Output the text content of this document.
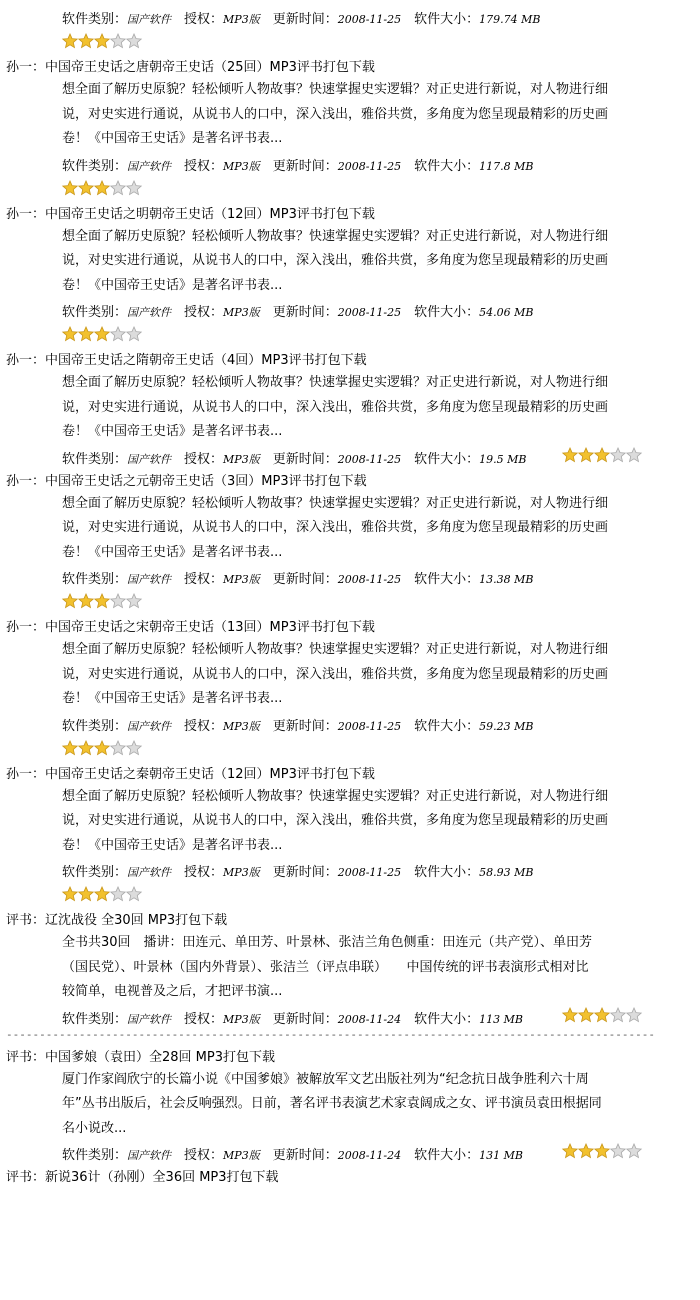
软件类别：国产软件   授权：MP3版   更新时间：2008-11-25   软件大小：179.74 MB
孙一：中国帝王史话之唐朝帝王史话（25回）MP3评书打包下载
想全面了解历史原貌？轻松倾听人物故事？快速掌握史实逻辑？对正史进行新说，对人物进行细
说，对史实进行通说，从说书人的口中，深入浅出，雅俗共赏，多角度为您呈现最精彩的历史画
卷！《中国帝王史话》是著名评书表...
软件类别：国产软件   授权：MP3版   更新时间：2008-11-25   软件大小：117.8 MB
孙一：中国帝王史话之明朝帝王史话（12回）MP3评书打包下载
想全面了解历史原貌？轻松倾听人物故事？快速掌握史实逻辑？对正史进行新说，对人物进行细
说，对史实进行通说，从说书人的口中，深入浅出，雅俗共赏，多角度为您呈现最精彩的历史画
卷！《中国帝王史话》是著名评书表...
软件类别：国产软件   授权：MP3版   更新时间：2008-11-25   软件大小：54.06 MB
孙一：中国帝王史话之隋朝帝王史话（4回）MP3评书打包下载
想全面了解历史原貌？轻松倾听人物故事？快速掌握史实逻辑？对正史进行新说，对人物进行细
说，对史实进行通说，从说书人的口中，深入浅出，雅俗共赏，多角度为您呈现最精彩的历史画
卷！《中国帝王史话》是著名评书表...
软件类别：国产软件   授权：MP3版   更新时间：2008-11-25   软件大小：19.5 MB
孙一：中国帝王史话之元朝帝王史话（3回）MP3评书打包下载
想全面了解历史原貌？轻松倾听人物故事？快速掌握史实逻辑？对正史进行新说，对人物进行细
说，对史实进行通说，从说书人的口中，深入浅出，雅俗共赏，多角度为您呈现最精彩的历史画
卷！《中国帝王史话》是著名评书表...
软件类别：国产软件   授权：MP3版   更新时间：2008-11-25   软件大小：13.38 MB
孙一：中国帝王史话之宋朝帝王史话（13回）MP3评书打包下载
想全面了解历史原貌？轻松倾听人物故事？快速掌握史实逻辑？对正史进行新说，对人物进行细
说，对史实进行通说，从说书人的口中，深入浅出，雅俗共赏，多角度为您呈现最精彩的历史画
卷！《中国帝王史话》是著名评书表...
软件类别：国产软件   授权：MP3版   更新时间：2008-11-25   软件大小：59.23 MB
孙一：中国帝王史话之秦朝帝王史话（12回）MP3评书打包下载
想全面了解历史原貌？轻松倾听人物故事？快速掌握史实逻辑？对正史进行新说，对人物进行细
说，对史实进行通说，从说书人的口中，深入浅出，雅俗共赏，多角度为您呈现最精彩的历史画
卷！《中国帝王史话》是著名评书表...
软件类别：国产软件   授权：MP3版   更新时间：2008-11-25   软件大小：58.93 MB
评书：辽沈战役 全30回 MP3打包下载
全书共30回　播讲：田连元、单田芳、叶景林、张洁兰角色侧重：田连元（共产党）、单田芳
（国民党）、叶景林（国内外背景）、张洁兰（评点串联）　　中国传统的评书表演形式相对比
较简单，电视普及之后，才把评书演...
软件类别：国产软件   授权：MP3版   更新时间：2008-11-24   软件大小：113 MB
评书：中国爹娘（袁田）全28回 MP3打包下载
厦门作家阎欣宁的长篇小说《中国爹娘》被解放军文艺出版社列为“纪念抗日战争胜利六十周
年”丛书出版后，社会反响强烈。日前，著名评书表演艺术家袁阔成之女、评书演员袁田根据同
名小说改...
软件类别：国产软件   授权：MP3版   更新时间：2008-11-24   软件大小：131 MB
--------------------------------------------------------------------------------------------------
评书：新说36计（孙刚）全36回 MP3打包下载
